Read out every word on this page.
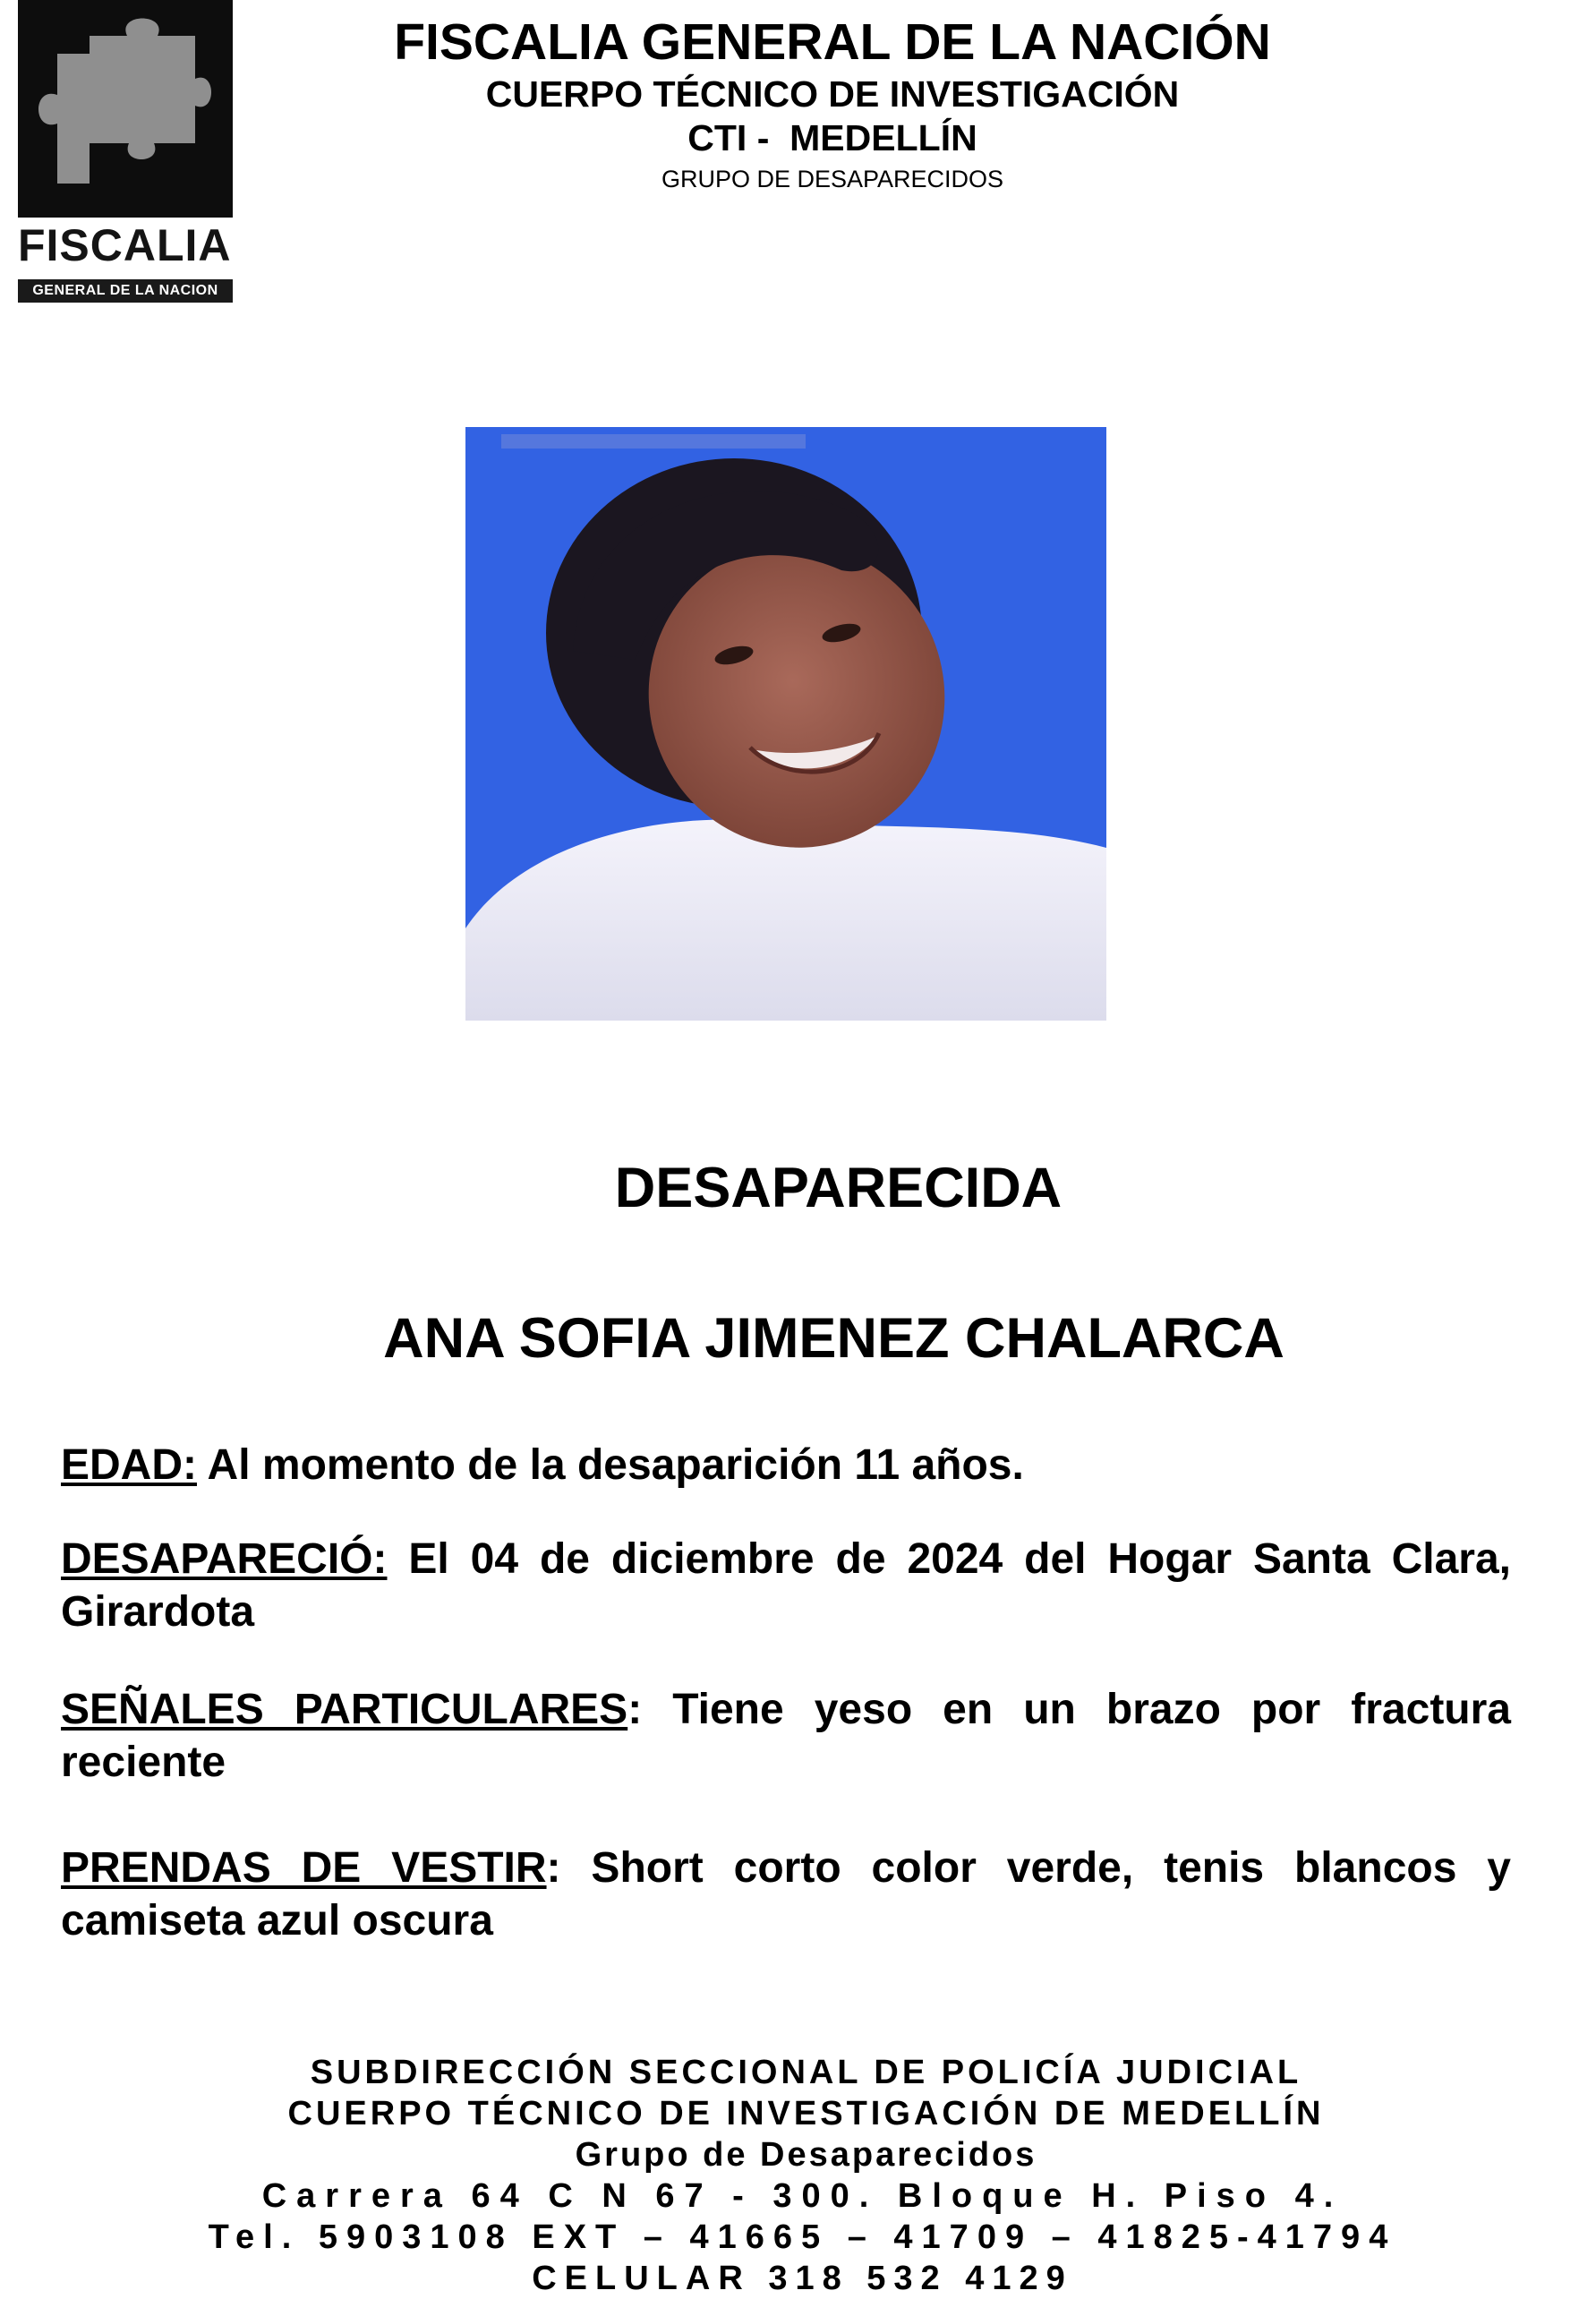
FISCALIA
GENERAL DE LA NACION
FISCALIA GENERAL DE LA NACIÓN
CUERPO TÉCNICO DE INVESTIGACIÓN
CTI -  MEDELLÍN
GRUPO DE DESAPARECIDOS
DESAPARECIDA
ANA SOFIA JIMENEZ CHALARCA
EDAD: Al momento de la desaparición 11 años.
DESAPARECIÓ: El 04 de diciembre de 2024 del Hogar Santa Clara, Girardota
SEÑALES PARTICULARES: Tiene yeso en un brazo por fractura reciente
PRENDAS DE VESTIR: Short corto color verde, tenis blancos y camiseta azul oscura
SUBDIRECCIÓN SECCIONAL DE POLICÍA JUDICIAL
CUERPO TÉCNICO DE INVESTIGACIÓN DE MEDELLÍN
Grupo de Desaparecidos
Carrera 64 C N 67 - 300. Bloque H. Piso 4.
Tel. 5903108 EXT – 41665 – 41709 – 41825-41794
CELULAR 318 532 4129
